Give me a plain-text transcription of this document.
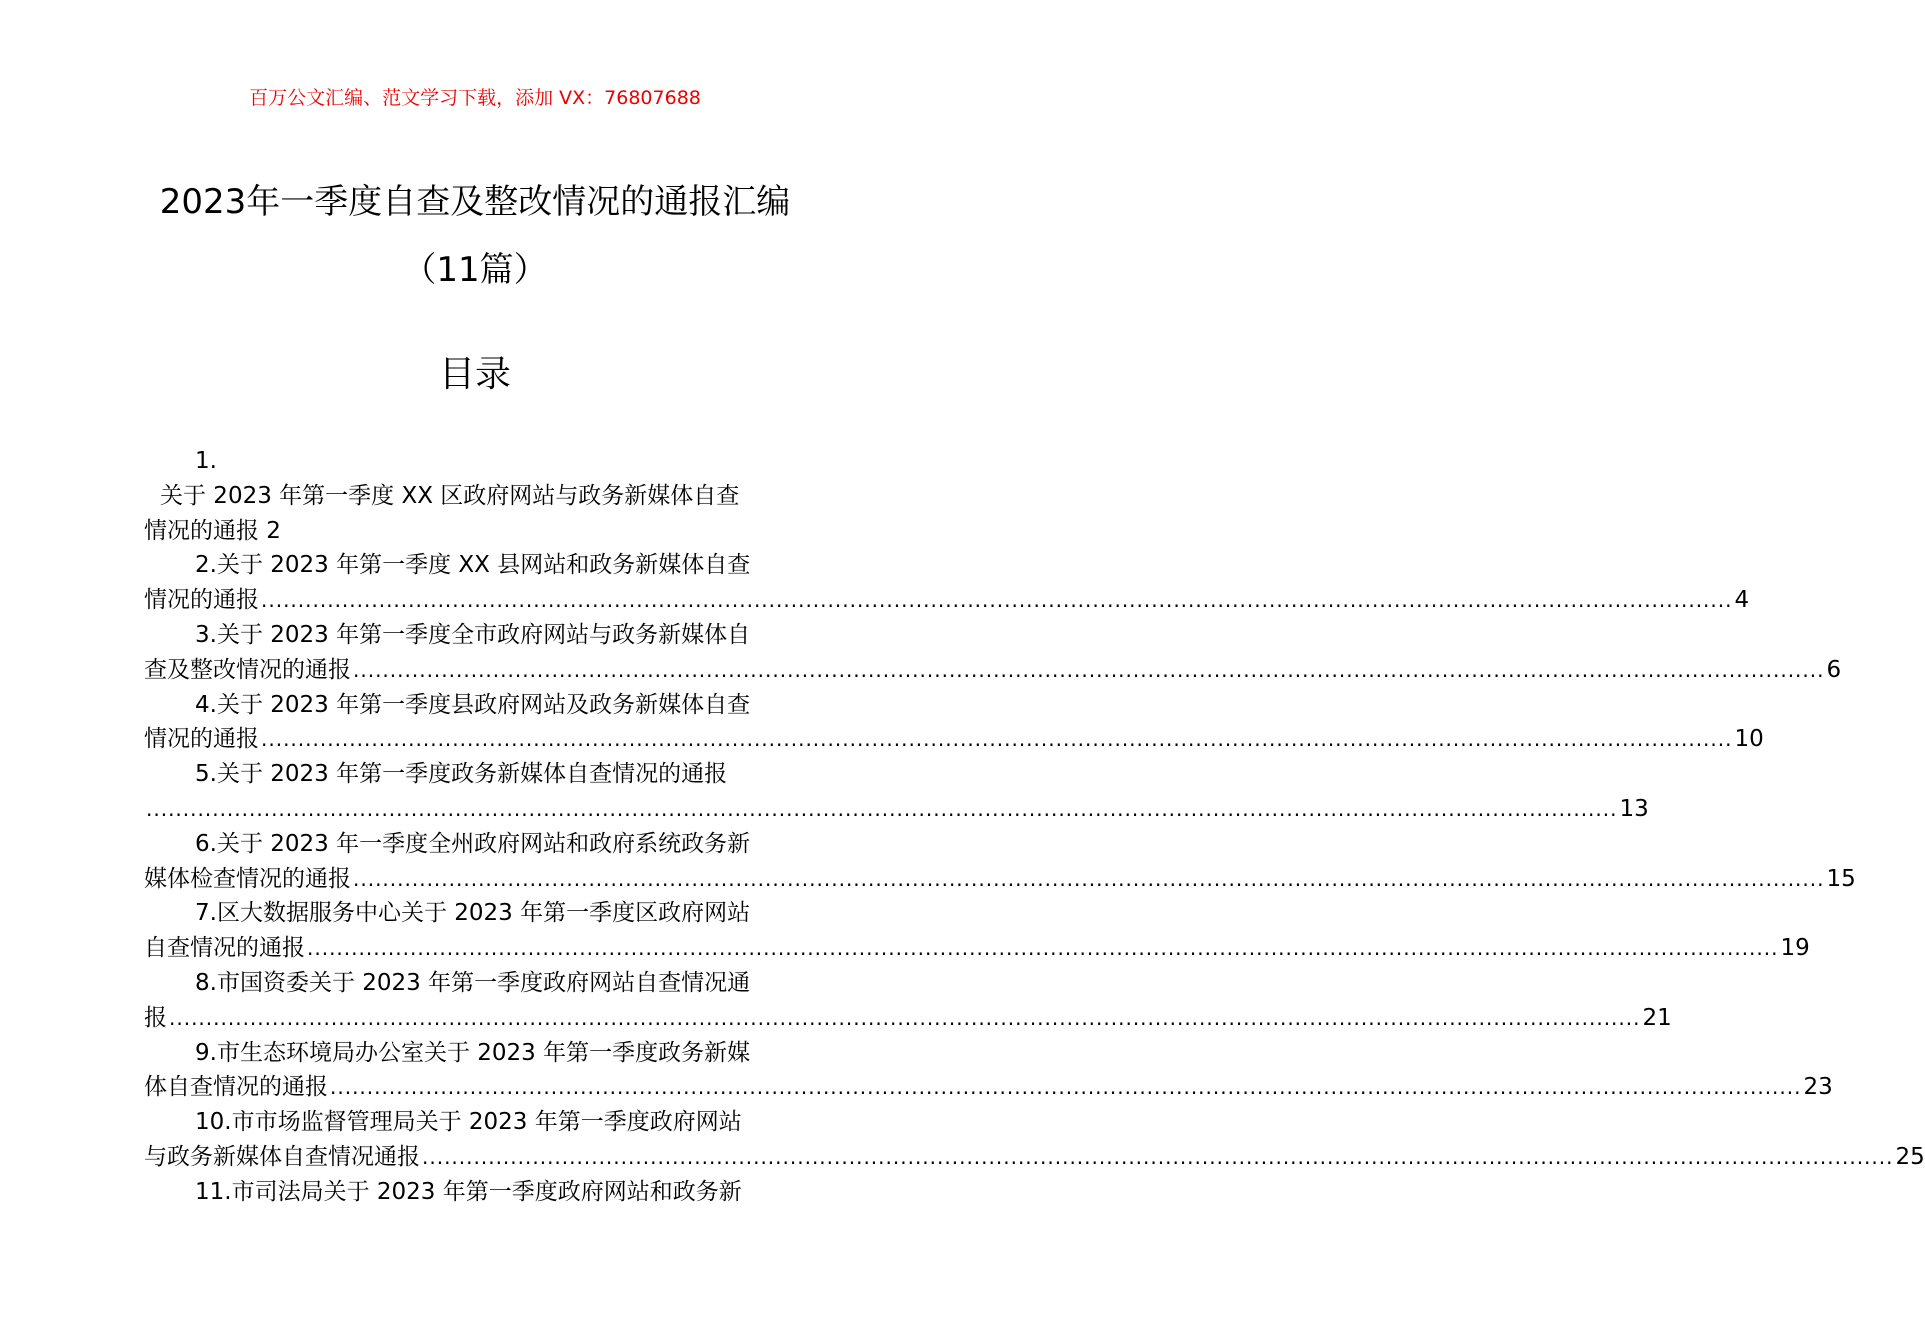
百万公文汇编、范文学习下载，添加 VX：76807688
2023年一季度自查及整改情况的通报汇编
（11篇）
目录
1.
关于 2023 年第一季度 XX 区政府网站与政务新媒体自查
情况的通报 2
2.关于 2023 年第一季度 XX 县网站和政务新媒体自查
情况的通报 ........................................................................................................................................................................................................ 4
3.关于 2023 年第一季度全市政府网站与政务新媒体自
查及整改情况的通报 ........................................................................................................................................................................................................ 6
4.关于 2023 年第一季度县政府网站及政务新媒体自查
情况的通报 ........................................................................................................................................................................................................ 10
5.关于 2023 年第一季度政务新媒体自查情况的通报
........................................................................................................................................................................................................ 13
6.关于 2023 年一季度全州政府网站和政府系统政务新
媒体检查情况的通报 ........................................................................................................................................................................................................ 15
7.区大数据服务中心关于 2023 年第一季度区政府网站
自查情况的通报 ........................................................................................................................................................................................................ 19
8.市国资委关于 2023 年第一季度政府网站自查情况通
报 ........................................................................................................................................................................................................ 21
9.市生态环境局办公室关于 2023 年第一季度政务新媒
体自查情况的通报 ........................................................................................................................................................................................................ 23
10.市市场监督管理局关于 2023 年第一季度政府网站
与政务新媒体自查情况通报 ........................................................................................................................................................................................................ 25
11.市司法局关于 2023 年第一季度政府网站和政务新
